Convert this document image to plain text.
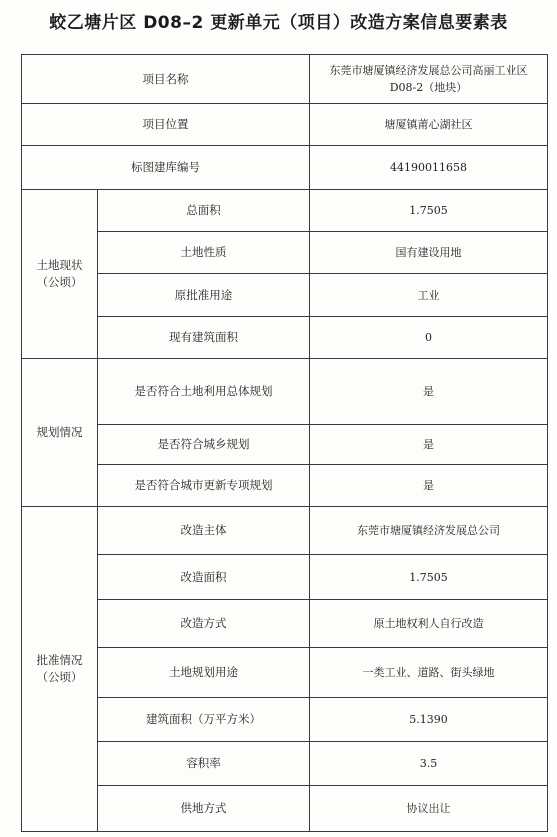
蛟乙塘片区 D08–2 更新单元（项目）改造方案信息要素表
项目名称		东莞市塘厦镇经济发展总公司高丽工业区
D08-2（地块）

项目位置		塘厦镇莆心湖社区
标图建库编号		44190011658

土地现状
（公顷）	总面积	1.7505
	土地性质	国有建设用地
	原批准用途	工业
	现有建筑面积	0

规划情况	是否符合土地利用总体规划	是
	是否符合城乡规划	是
	是否符合城市更新专项规划	是

批准情况
（公顷）	改造主体	东莞市塘厦镇经济发展总公司
	改造面积	1.7505
	改造方式	原土地权利人自行改造
	土地规划用途	一类工业、道路、街头绿地
	建筑面积（万平方米）	5.1390
	容积率	3.5
	供地方式	协议出让
